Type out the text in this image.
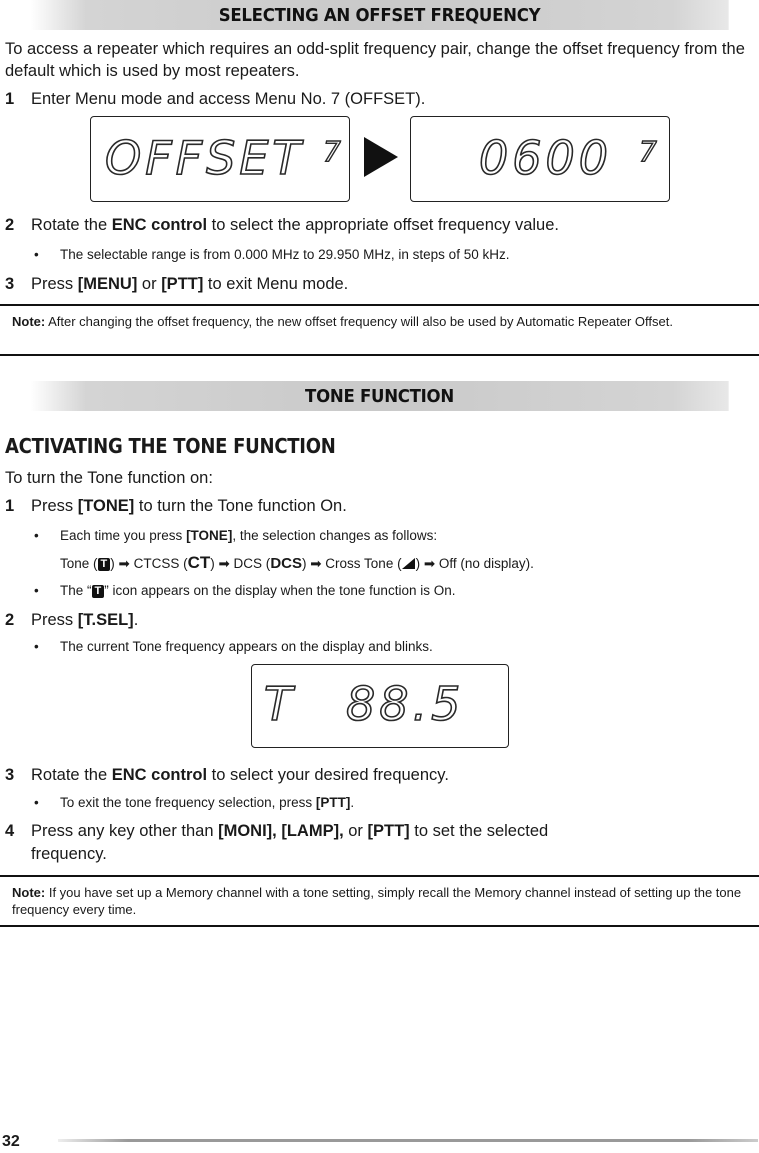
SELECTING AN OFFSET FREQUENCY
To access a repeater which requires an odd-split frequency pair, change the offset frequency from the default which is used by most repeaters.
1 Enter Menu mode and access Menu No. 7 (OFFSET).
OFFSET 7	0600 7
2 Rotate the ENC control to select the appropriate offset frequency value.
• The selectable range is from 0.000 MHz to 29.950 MHz, in steps of 50 kHz.
3 Press [MENU] or [PTT] to exit Menu mode.
Note: After changing the offset frequency, the new offset frequency will also be used by Automatic Repeater Offset.
TONE FUNCTION
ACTIVATING THE TONE FUNCTION
To turn the Tone function on:
1 Press [TONE] to turn the Tone function On.
• Each time you press [TONE], the selection changes as follows:
Tone ( T ) ➡ CTCSS (CT) ➡ DCS (DCS) ➡ Cross Tone ( ) ➡ Off (no display).
• The “ T ” icon appears on the display when the tone function is On.
2 Press [T.SEL].
• The current Tone frequency appears on the display and blinks.
T 88.5
3 Rotate the ENC control to select your desired frequency.
• To exit the tone frequency selection, press [PTT].
4 Press any key other than [MONI], [LAMP], or [PTT] to set the selected
frequency.
Note: If you have set up a Memory channel with a tone setting, simply recall the Memory channel instead of setting up the tone frequency every time.
32
